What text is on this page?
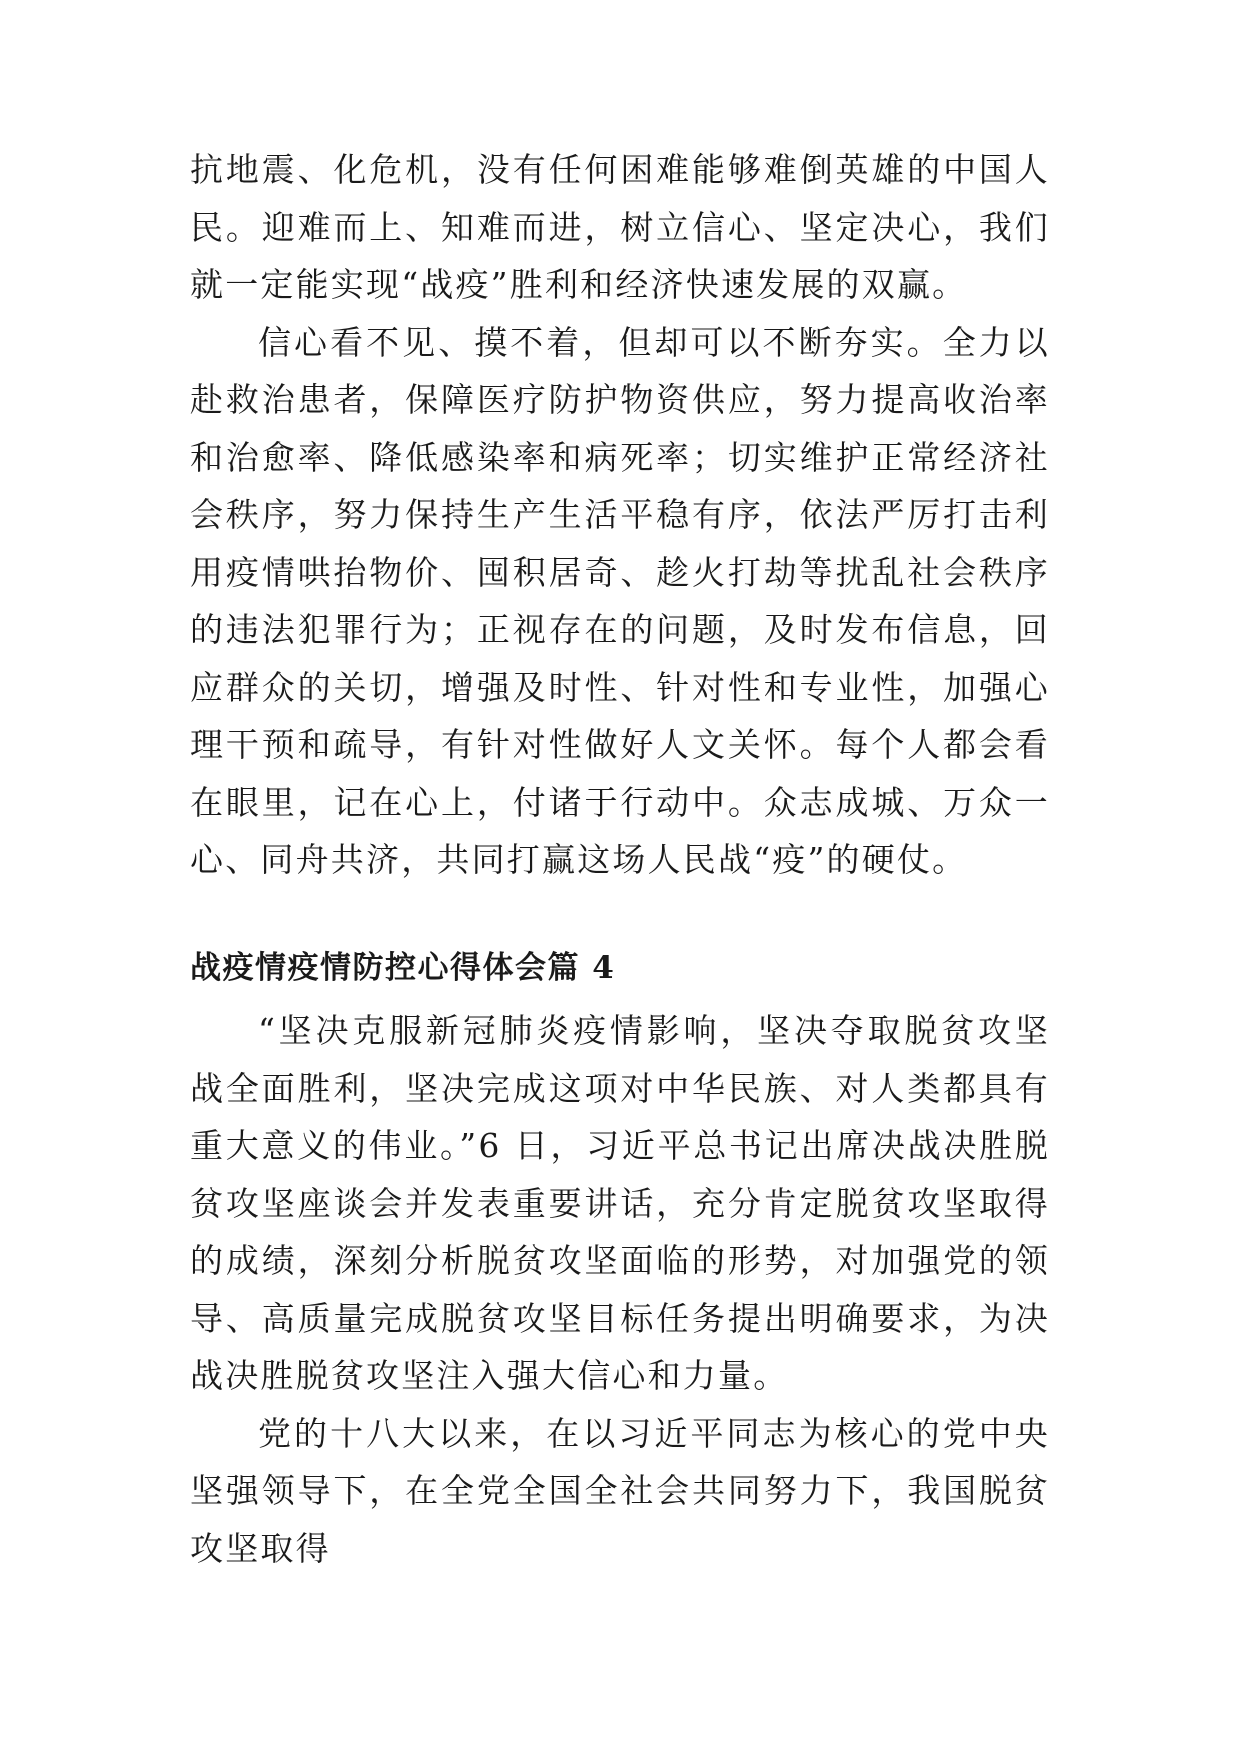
抗地震、化危机，没有任何困难能够难倒英雄的中国人民。迎难而上、知难而进，树立信心、坚定决心，我们就一定能实现“战疫”胜利和经济快速发展的双赢。

信心看不见、摸不着，但却可以不断夯实。全力以赴救治患者，保障医疗防护物资供应，努力提高收治率和治愈率、降低感染率和病死率；切实维护正常经济社会秩序，努力保持生产生活平稳有序，依法严厉打击利用疫情哄抬物价、囤积居奇、趁火打劫等扰乱社会秩序的违法犯罪行为；正视存在的问题，及时发布信息，回应群众的关切，增强及时性、针对性和专业性，加强心理干预和疏导，有针对性做好人文关怀。每个人都会看在眼里，记在心上，付诸于行动中。众志成城、万众一心、同舟共济，共同打赢这场人民战“疫”的硬仗。

战疫情疫情防控心得体会篇 4

“坚决克服新冠肺炎疫情影响，坚决夺取脱贫攻坚战全面胜利，坚决完成这项对中华民族、对人类都具有重大意义的伟业。”6 日，习近平总书记出席决战决胜脱贫攻坚座谈会并发表重要讲话，充分肯定脱贫攻坚取得的成绩，深刻分析脱贫攻坚面临的形势，对加强党的领导、高质量完成脱贫攻坚目标任务提出明确要求，为决战决胜脱贫攻坚注入强大信心和力量。

党的十八大以来，在以习近平同志为核心的党中央坚强领导下，在全党全国全社会共同努力下，我国脱贫攻坚取得
